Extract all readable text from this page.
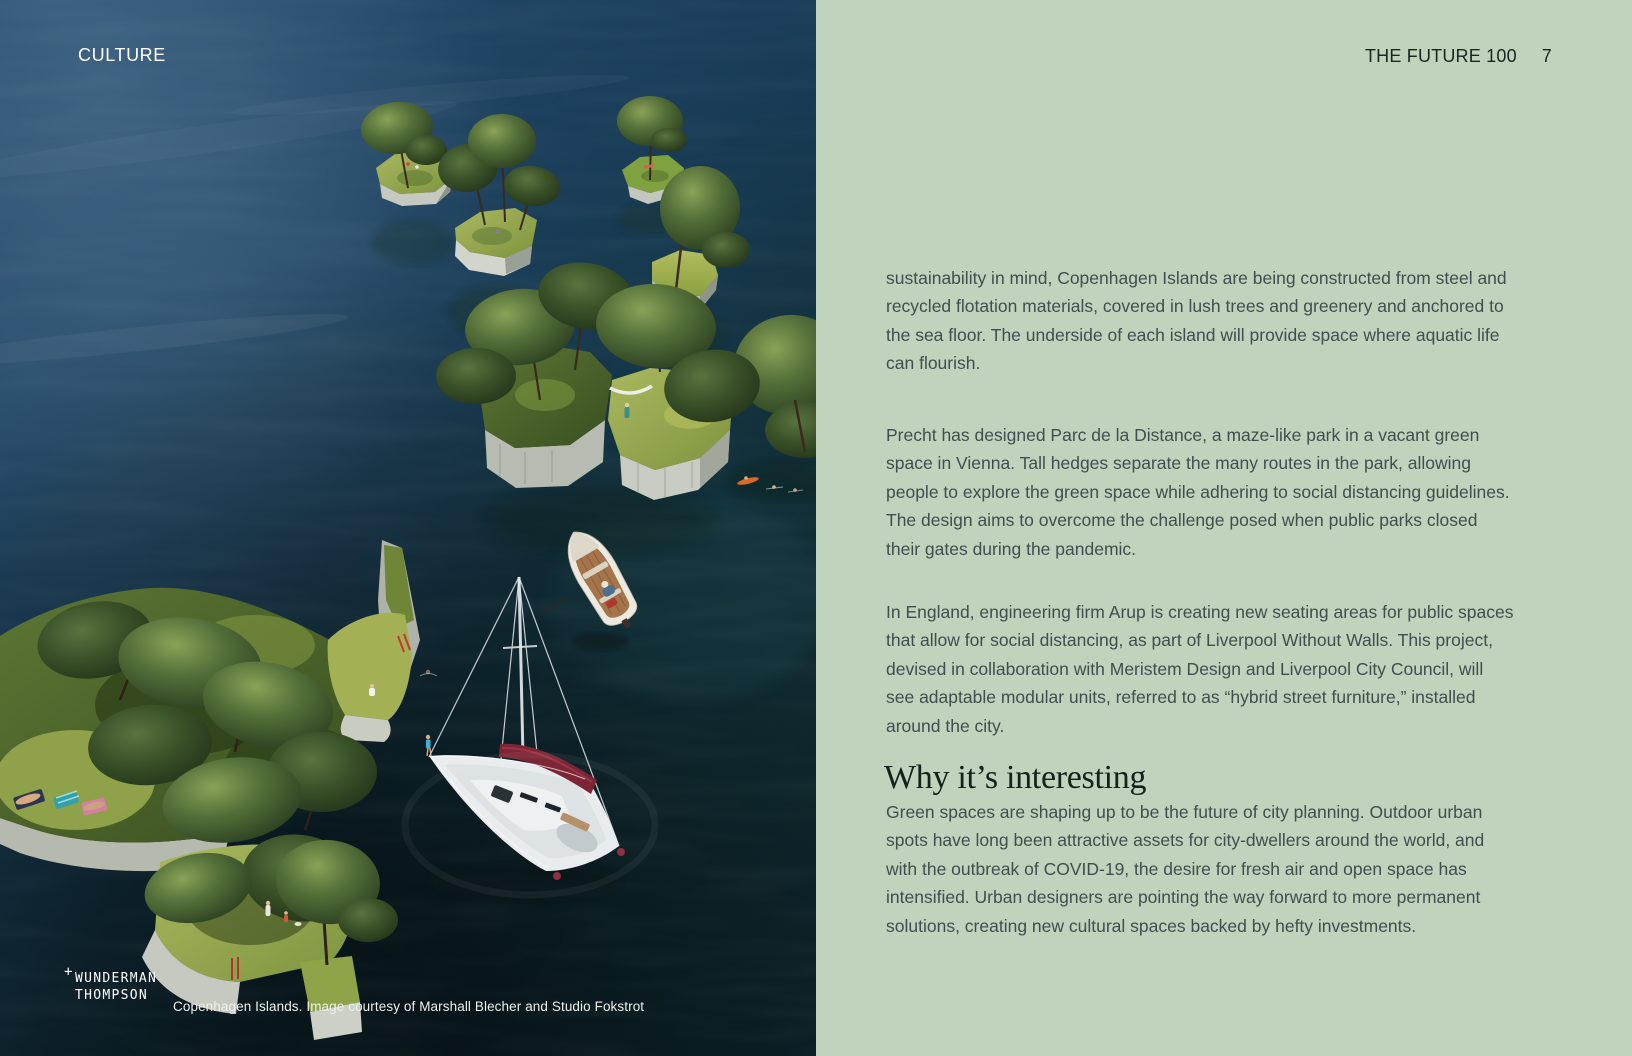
CULTURE
+ WUNDERMAN
THOMPSON
Copenhagen Islands. Image courtesy of Marshall Blecher and Studio Fokstrot
THE FUTURE 100 7

sustainability in mind, Copenhagen Islands are being constructed from steel and recycled flotation materials, covered in lush trees and greenery and anchored to the sea floor. The underside of each island will provide space where aquatic life can flourish.

Precht has designed Parc de la Distance, a maze-like park in a vacant green space in Vienna. Tall hedges separate the many routes in the park, allowing people to explore the green space while adhering to social distancing guidelines. The design aims to overcome the challenge posed when public parks closed their gates during the pandemic.

In England, engineering firm Arup is creating new seating areas for public spaces that allow for social distancing, as part of Liverpool Without Walls. This project, devised in collaboration with Meristem Design and Liverpool City Council, will see adaptable modular units, referred to as “hybrid street furniture,” installed around the city.

Why it’s interesting

Green spaces are shaping up to be the future of city planning. Outdoor urban spots have long been attractive assets for city-dwellers around the world, and with the outbreak of COVID-19, the desire for fresh air and open space has intensified. Urban designers are pointing the way forward to more permanent solutions, creating new cultural spaces backed by hefty investments.
